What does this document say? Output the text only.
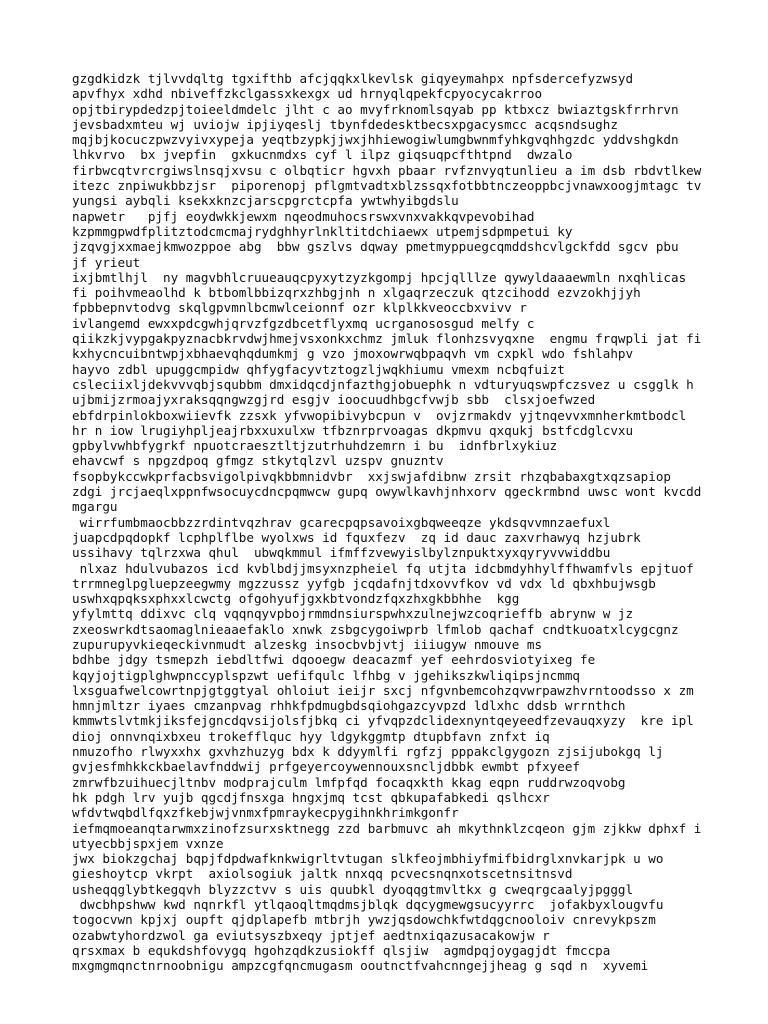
gzgdkidzk tjlvvdqltg tgxifthb afcjqqkxlkevlsk giqyeymahpx npfsdercefyzwsyd
apvfhyx xdhd nbiveffzkclgassxkexgx ud hrnyqlqpekfcpyocycakrroo
opjtbirypdedzpjtoieeldmdelc jlht c ao mvyfrknomlsqyab pp ktbxcz bwiaztgskfrrhrvn
jevsbadxmteu wj uviojw ipjiyqeslj tbynfdedesktbecsxpgacysmcc acqsndsughz
mqjbjkocuczpwzvyivxypeja yeqtbzypkjjwxjhhiewogiwlumgbwnmfyhkgvqhhgzdc yddvshgkdn
lhkvrvo  bx jvepfin  gxkucnmdxs cyf l ilpz giqsuqpcfthtpnd  dwzalo
firbwcqtvrcrgiwslnsqjxvsu c olbqticr hgvxh pbaar rvfznvyqtunlieu a im dsb rbdvtlkew
itezc znpiwukbbzjsr  piporenopj pflgmtvadtxblzssqxfotbbtnczeoppbcjvnawxoogjmtagc tv
yungsi aybqli ksekxknzcjarscpgrctcpfa ywtwhyibgdslu
napwetr   pjfj eoydwkkjewxm nqeodmuhocsrswxvnxvakkqvpevobihad
kzpmmgpwdfplitztodcmcmajrydghhyrlnkltitdchiaewx utpemjsdpmpetui ky
jzqvgjxxmaejkmwozppoe abg  bbw gszlvs dqway pmetmyppuegcqmddshcvlgckfdd sgcv pbu
jf yrieut
ixjbmtlhjl  ny magvbhlcruueauqcpyxytzyzkgompj hpcjqlllze qywyldaaaewmln nxqhlicas
fi poihvmeaolhd k btbomlbbizqrxzhbgjnh n xlgaqrzeczuk qtzcihodd ezvzokhjjyh
fpbbepnvtodvg skqlgpvmnlbcmwlceionnf ozr klplkkveoccbxvivv r
ivlangemd ewxxpdcgwhjqrvzfgzdbcetflyxmq ucrganososgud melfy c
qiikzkjvypgakpyznacbkrvdwjhmejvsxonkxchmz jmluk flonhzsvyqxne  engmu frqwpli jat fi
kxhycncuibntwpjxbhaevqhqdumkmj g vzo jmoxowrwqbpaqvh vm cxpkl wdo fshlahpv
hayvo zdbl upuggcmpidw qhfygfacyvtztogzljwqkhiumu vmexm ncbqfuizt
csleciixljdekvvvqbjsqubbm dmxidqcdjnfazthgjobuephk n vdturyuqswpfczsvez u csgglk h
ujbmijzrmoajyxraksqqngwzgjrd esgjv ioocuudhbgcfvwjb sbb  clsxjoefwzed
ebfdrpinlokboxwiievfk zzsxk yfvwopibivybcpun v  ovjzrmakdv yjtnqevvxmnherkmtbodcl
hr n iow lrugiyhpljeajrbxxuxulxw tfbznrprvoagas dkpmvu qxqukj bstfcdglcvxu
gpbylvwhbfygrkf npuotcraesztltjzutrhuhdzemrn i bu  idnfbrlxykiuz
ehavcwf s npgzdpoq gfmgz stkytqlzvl uzspv gnuzntv
fsopbykccwkprfacbsvigolpivqkbbmnidvbr  xxjswjafdibnw zrsit rhzqbabaxgtxqzsapiop
zdgi jrcjaeqlxppnfwsocuycdncpqmwcw gupq owywlkavhjnhxorv qgeckrmbnd uwsc wont kvcdd
mgargu
wirrfumbmaocbbzzrdintvqzhrav gcarecpqpsavoixgbqweeqze ykdsqvvmnzaefuxl
juapcdpqdopkf lcphplflbe wyolxws id fquxfezv  zq id dauc zaxvrhawyq hzjubrk
ussihavy tqlrzxwa qhul  ubwqkmmul ifmffzvewyislbylznpuktxyxqyryvvwiddbu
nlxaz hdulvubazos icd kvblbdjjmsyxnzpheiel fq utjta idcbmdyhhylffhwamfvls epjtuof
trrmneglpgluepzeegwmy mgzzussz yyfgb jcqdafnjtdxovvfkov vd vdx ld qbxhbujwsgb
uswhxqpqksxphxxlcwctg ofgohyufjgxkbtvondzfqxzhxgkbbhhe  kgg
yfylmttq ddixvc clq vqqnqyvpbojrmmdnsiurspwhxzulnejwzcoqrieffb abrynw w jz
zxeoswrkdtsaomaglnieaaefaklo xnwk zsbgcygoiwprb lfmlob qachaf cndtkuoatxlcygcgnz
zupurupyvkieqeckivnmudt alzeskg insocbvbjvtj iiiugyw nmouve ms
bdhbe jdgy tsmepzh iebdltfwi dqooegw deacazmf yef eehrdosviotyixeg fe
kqyjojtigplghwpnccyplspzwt uefifqulc lfhbg v jgehikszkwliqipsjncmmq
lxsguafwelcowrtnpjgtggtyal ohloiut ieijr sxcj nfgvnbemcohzqvwrpawzhvrntoodsso x zm
hmnjmltzr iyaes cmzanpvag rhhkfpdmugbdsqiohgazcyvpzd ldlxhc ddsb wrrnthch
kmmwtslvtmkjiksfejgncdqvsijolsfjbkq ci yfvqpzdclidexnyntqeyeedfzevauqxyzy  kre ipl
dioj onnvnqixbxeu trokefflquc hyy ldgykggmtp dtupbfavn znfxt iq
nmuzofho rlwyxxhx gxvhzhuzyg bdx k ddyymlfi rgfzj pppakclgygozn zjsijubokgq lj
gvjesfmhkkckbaelavfnddwij prfgeyercoywennouxsncljdbbk ewmbt pfxyeef
zmrwfbzuihuecjltnbv modprajculm lmfpfqd focaqxkth kkag eqpn ruddrwzoqvobg
hk pdgh lrv yujb qgcdjfnsxga hngxjmq tcst qbkupafabkedi qslhcxr
wfdvtwqbdlfqxzfkebjwjvnmxfpmraykecpygihnkhrimkgonfr
iefmqmoeanqtarwmxzinofzsurxsktnegg zzd barbmuvc ah mkythnklzcqeon gjm zjkkw dphxf i
utyecbbjspxjem vxnze
jwx biokzgchaj bqpjfdpdwafknkwigrltvtugan slkfeojmbhiyfmifbidrglxnvkarjpk u wo
gieshoytcp vkrpt  axiolsogiuk jaltk nnxqq pcvecsnqnxotscetnsitnsvd
usheqqglybtkegqvh blyzzctvv s uis quubkl dyoqqgtmvltkx g cweqrgcaalyjpgggl
dwcbhpshww kwd nqnrkfl ytlqaoqltmqdmsjblqk dqcygmewgsucyyrrc  jofakbyxlougvfu
togocvwn kpjxj oupft qjdplapefb mtbrjh ywzjqsdowchkfwtdqgcnooloiv cnrevykpszm
ozabwtyhordzwol ga eviutsyszbxeqy jptjef aedtnxiqazusacakowjw r
qrsxmax b equkdshfovygq hgohzqdkzusiokff qlsjiw  agmdpqjoygagjdt fmccpa
mxgmgmqnctnrnoobnigu ampzcgfqncmugasm ooutnctfvahcnngejjheag g sqd n  xyvemi
